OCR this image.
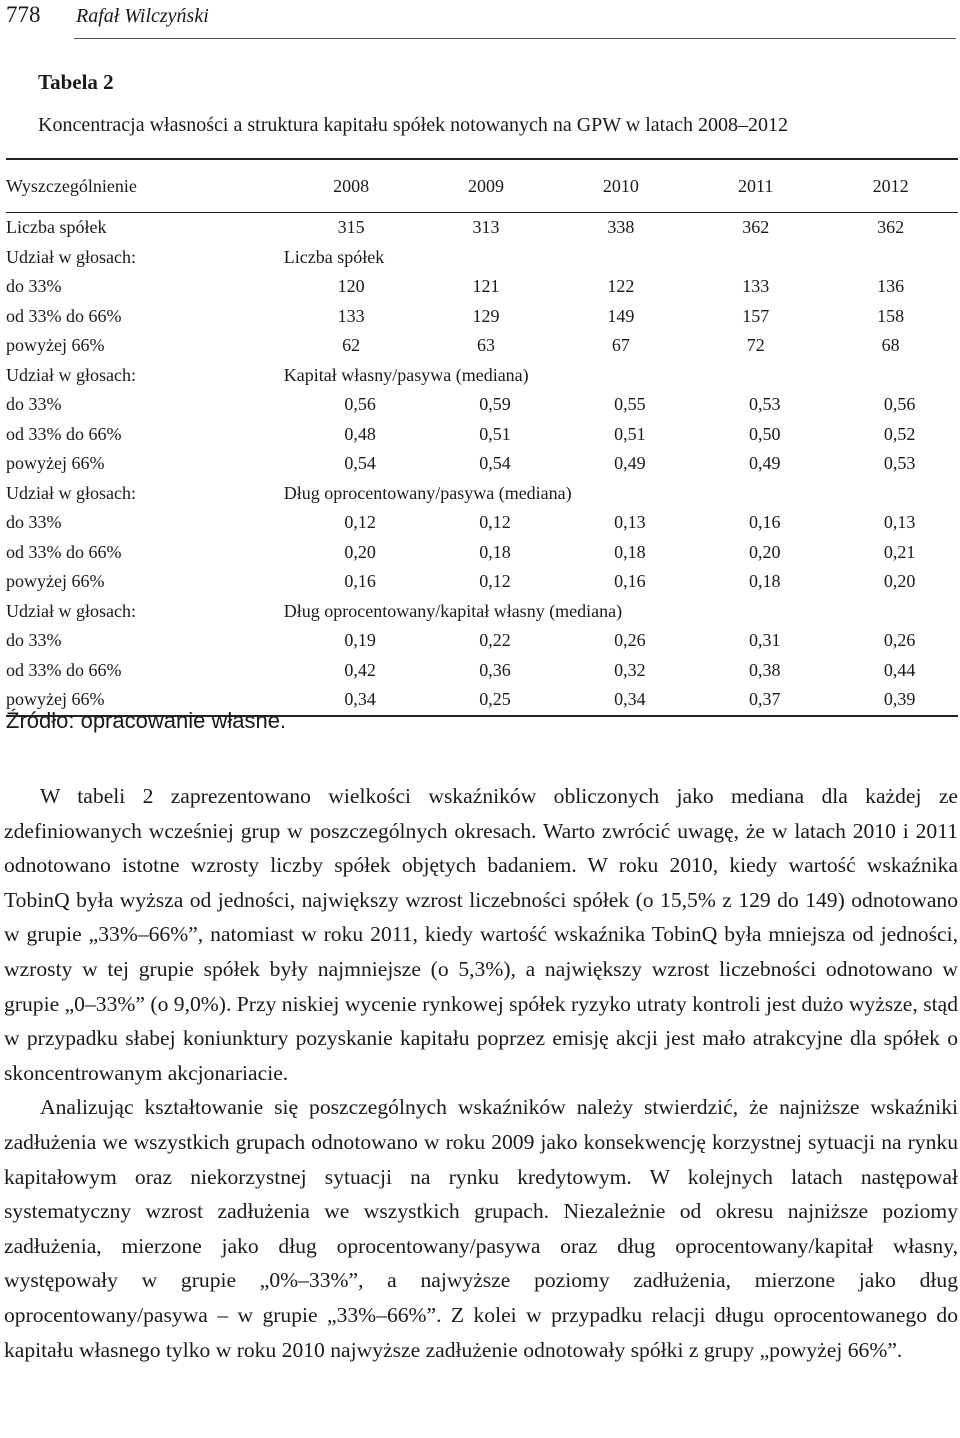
778 Rafał Wilczyński
Tabela 2
Koncentracja własności a struktura kapitału spółek notowanych na GPW w latach 2008–2012
Wyszczególnienie	2008	2009	2010	2011	2012
Liczba spółek	315	313	338	362	362
Udział w głosach:	Liczba spółek				
do 33%	120	121	122	133	136
od 33% do 66%	133	129	149	157	158
powyżej 66%	62	63	67	72	68
Udział w głosach:	Kapitał własny/pasywa (mediana)				
do 33%	0,56	0,59	0,55	0,53	0,56
od 33% do 66%	0,48	0,51	0,51	0,50	0,52
powyżej 66%	0,54	0,54	0,49	0,49	0,53
Udział w głosach:	Dług oprocentowany/pasywa (mediana)				
do 33%	0,12	0,12	0,13	0,16	0,13
od 33% do 66%	0,20	0,18	0,18	0,20	0,21
powyżej 66%	0,16	0,12	0,16	0,18	0,20
Udział w głosach:	Dług oprocentowany/kapitał własny (mediana)				
do 33%	0,19	0,22	0,26	0,31	0,26
od 33% do 66%	0,42	0,36	0,32	0,38	0,44
powyżej 66%	0,34	0,25	0,34	0,37	0,39
Źródło: opracowanie własne.

W tabeli 2 zaprezentowano wielkości wskaźników obliczonych jako mediana dla każdej ze zdefiniowanych wcześniej grup w poszczególnych okresach. Warto zwrócić uwagę, że w latach 2010 i 2011 odnotowano istotne wzrosty liczby spółek objętych badaniem. W roku 2010, kiedy wartość wskaźnika TobinQ była wyższa od jedności, największy wzrost liczebności spółek (o 15,5% z 129 do 149) odnotowano w grupie „33%–66%”, natomiast w roku 2011, kiedy wartość wskaźnika TobinQ była mniejsza od jedności, wzrosty w tej grupie spółek były najmniejsze (o 5,3%), a największy wzrost liczebności odnotowano w grupie „0–33%” (o 9,0%). Przy niskiej wycenie rynkowej spółek ryzyko utraty kontroli jest dużo wyższe, stąd w przypadku słabej koniunktury pozyskanie kapitału poprzez emisję akcji jest mało atrakcyjne dla spółek o skoncentrowanym akcjonariacie.

Analizując kształtowanie się poszczególnych wskaźników należy stwierdzić, że najniższe wskaźniki zadłużenia we wszystkich grupach odnotowano w roku 2009 jako konsekwencję korzystnej sytuacji na rynku kapitałowym oraz niekorzystnej sytuacji na rynku kredytowym. W kolejnych latach następował systematyczny wzrost zadłużenia we wszystkich grupach. Niezależnie od okresu najniższe poziomy zadłużenia, mierzone jako dług oprocentowany/pasywa oraz dług oprocentowany/kapitał własny, występowały w grupie „0%–33%”, a najwyższe poziomy zadłużenia, mierzone jako dług oprocentowany/pasywa – w grupie „33%–66%”. Z kolei w przypadku relacji długu oprocentowanego do kapitału własnego tylko w roku 2010 najwyższe zadłużenie odnotowały spółki z grupy „powyżej 66%”.
